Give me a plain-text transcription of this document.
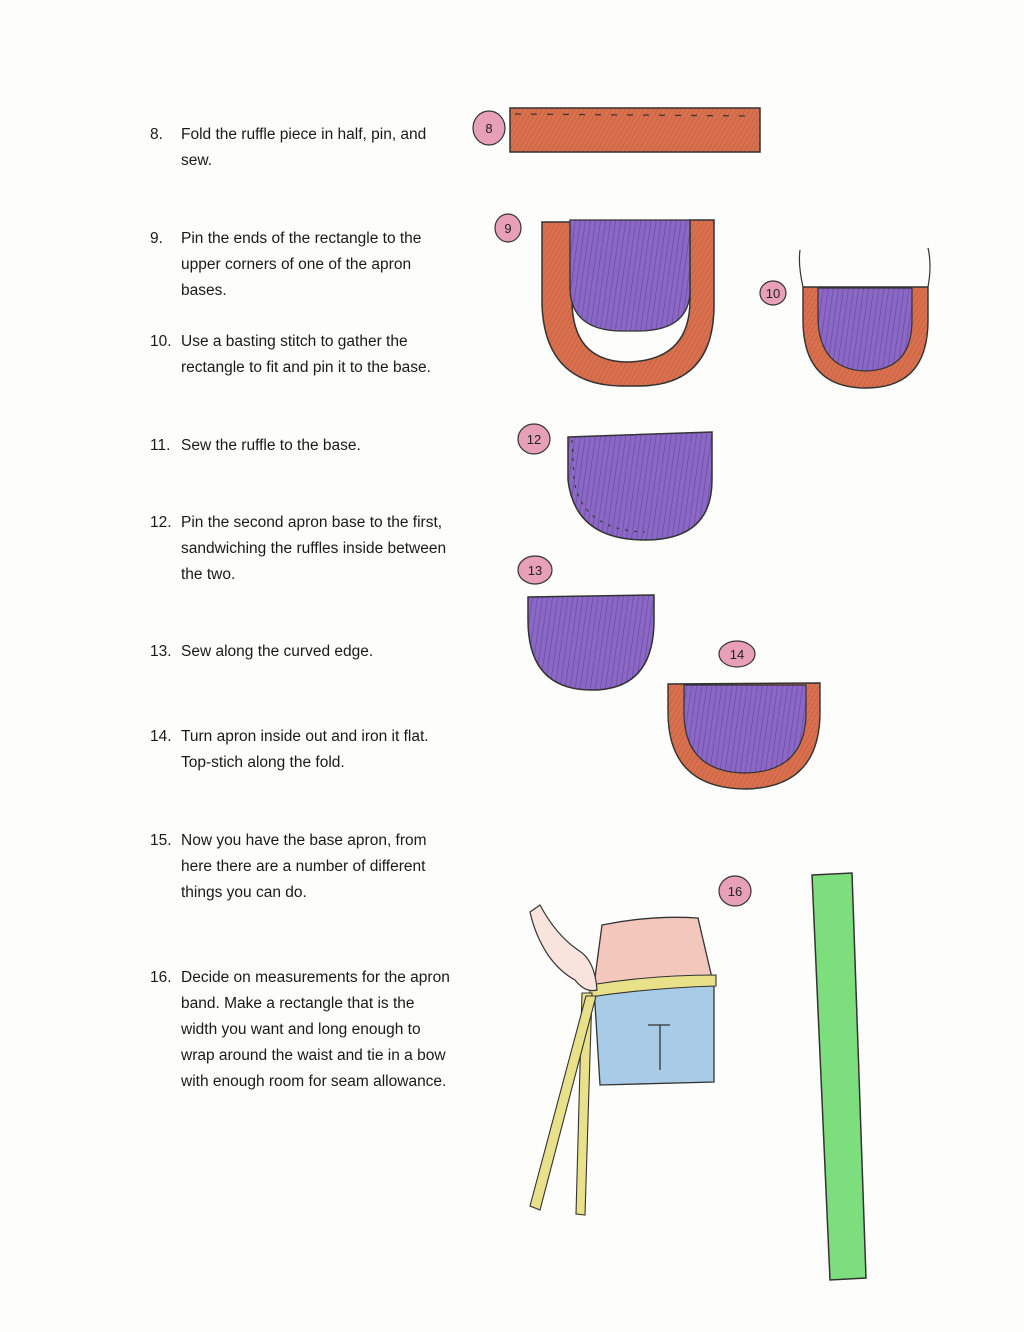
8.	Fold the ruffle piece in half, pin, and
sew.
9.	Pin the ends of the rectangle to the
upper corners of one of the apron
bases.
10. Use a basting stitch to gather the
rectangle to fit and pin it to the base.
11. Sew the ruffle to the base.
12. Pin the second apron base to the first,
sandwiching the ruffles inside between
the two.
13. Sew along the curved edge.
14. Turn apron inside out and iron it flat.
Top-stich along the fold.
15. Now you have the base apron, from
here there are a number of different
things you can do.
16. Decide on measurements for the apron
band. Make a rectangle that is the
width you want and long enough to
wrap around the waist and tie in a bow
with enough room for seam allowance.
8
9
10
12
13
14
16
